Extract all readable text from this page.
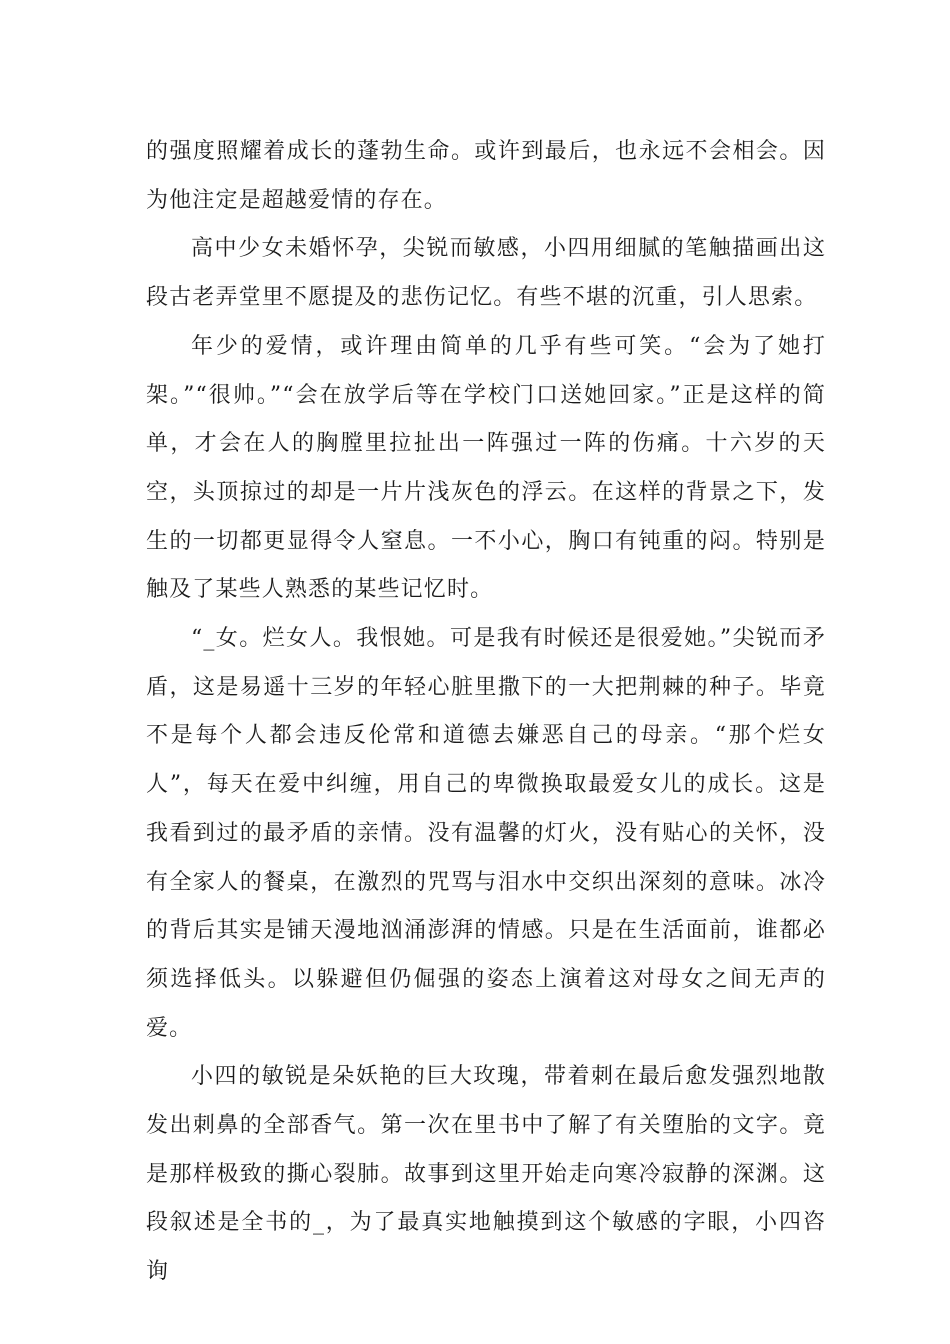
的强度照耀着成长的蓬勃生命。或许到最后，也永远不会相会。因为他注定是超越爱情的存在。

高中少女未婚怀孕，尖锐而敏感，小四用细腻的笔触描画出这段古老弄堂里不愿提及的悲伤记忆。有些不堪的沉重，引人思索。

年少的爱情，或许理由简单的几乎有些可笑。“会为了她打架。”“很帅。”“会在放学后等在学校门口送她回家。”正是这样的简单，才会在人的胸膛里拉扯出一阵强过一阵的伤痛。十六岁的天空，头顶掠过的却是一片片浅灰色的浮云。在这样的背景之下，发生的一切都更显得令人窒息。一不小心，胸口有钝重的闷。特别是触及了某些人熟悉的某些记忆时。

“_女。烂女人。我恨她。可是我有时候还是很爱她。”尖锐而矛盾，这是易遥十三岁的年轻心脏里撒下的一大把荆棘的种子。毕竟不是每个人都会违反伦常和道德去嫌恶自己的母亲。“那个烂女人”，每天在爱中纠缠，用自己的卑微换取最爱女儿的成长。这是我看到过的最矛盾的亲情。没有温馨的灯火，没有贴心的关怀，没有全家人的餐桌，在激烈的咒骂与泪水中交织出深刻的意味。冰冷的背后其实是铺天漫地汹涌澎湃的情感。只是在生活面前，谁都必须选择低头。以躲避但仍倔强的姿态上演着这对母女之间无声的爱。

小四的敏锐是朵妖艳的巨大玫瑰，带着刺在最后愈发强烈地散发出刺鼻的全部香气。第一次在里书中了解了有关堕胎的文字。竟是那样极致的撕心裂肺。故事到这里开始走向寒冷寂静的深渊。这段叙述是全书的_，为了最真实地触摸到这个敏感的字眼，小四咨询
